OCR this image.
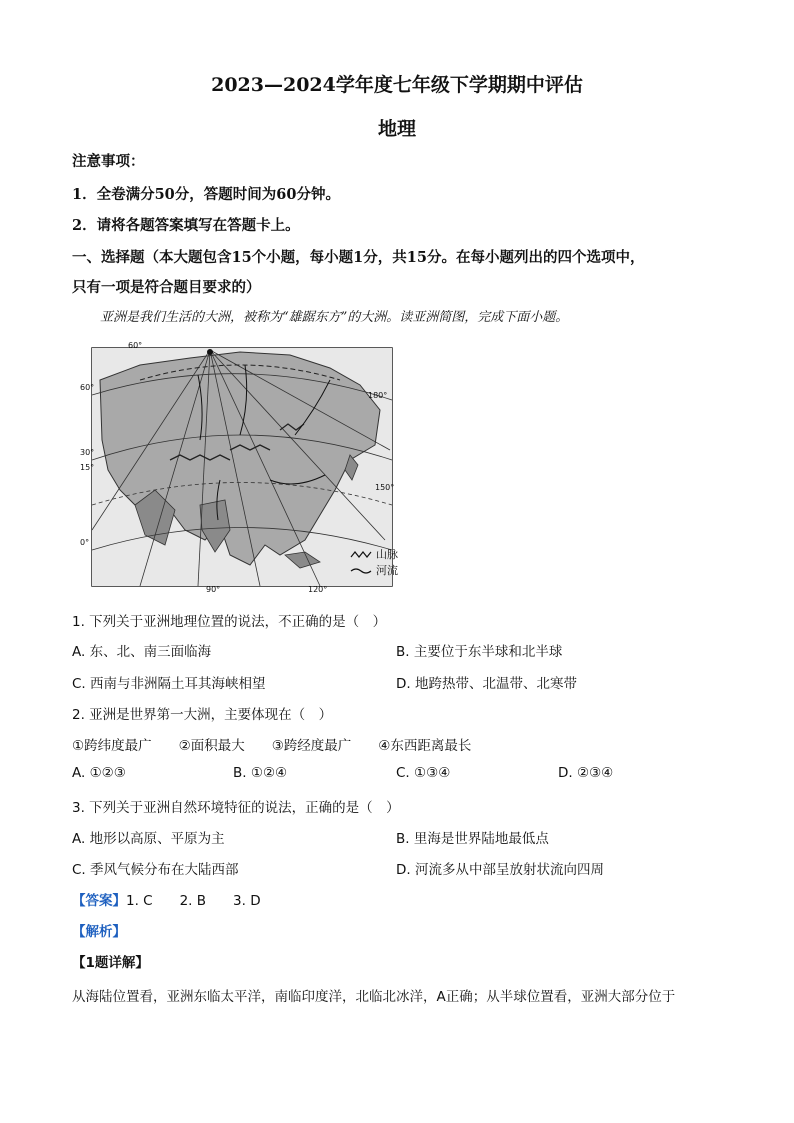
2023—2024学年度七年级下学期期中评估
地理
注意事项：
1．全卷满分50分，答题时间为60分钟。
2．请将各题答案填写在答题卡上。
一、选择题（本大题包含15个小题，每小题1分，共15分。在每小题列出的四个选项中，
只有一项是符合题目要求的）
亚洲是我们生活的大洲，被称为“雄踞东方”的大洲。读亚洲简图，完成下面小题。
60°
90°	120°
150°
180°
60°
30°
15°
0°
山脉
河流
1. 下列关于亚洲地理位置的说法，不正确的是（　）
A. 东、北、南三面临海	B. 主要位于东半球和北半球
C. 西南与非洲隔土耳其海峡相望	D. 地跨热带、北温带、北寒带
2. 亚洲是世界第一大洲，主要体现在（　）
①跨纬度最广　　②面积最大　　③跨经度最广　　④东西距离最长
A. ①②③	B. ①②④	C. ①③④	D. ②③④
3. 下列关于亚洲自然环境特征的说法，正确的是（　）
A. 地形以高原、平原为主	B. 里海是世界陆地最低点
C. 季风气候分布在大陆西部	D. 河流多从中部呈放射状流向四周
【答案】1. C　　2. B　　3. D
【解析】
【1题详解】
从海陆位置看，亚洲东临太平洋，南临印度洋，北临北冰洋，A正确；从半球位置看，亚洲大部分位于
